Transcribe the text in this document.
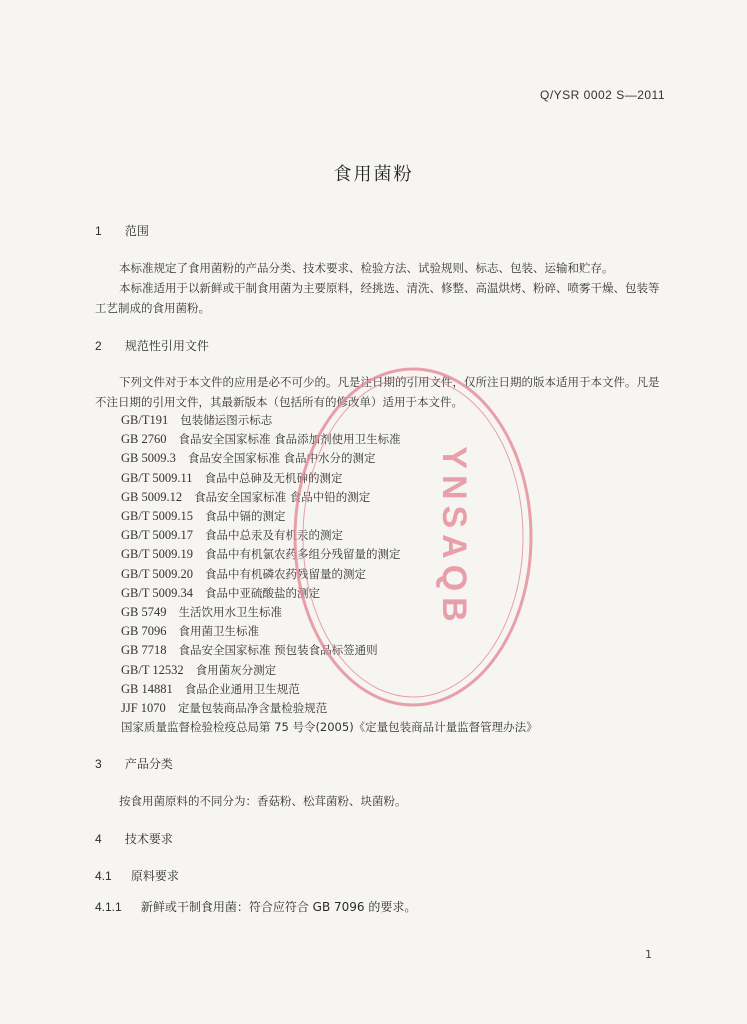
Q/YSR 0002 S—2011
食用菌粉
1 范围

本标准规定了食用菌粉的产品分类、技术要求、检验方法、试验规则、标志、包装、运输和贮存。

本标准适用于以新鲜或干制食用菌为主要原料，经挑选、清洗、修整、高温烘烤、粉碎、喷雾干燥、包装等工艺制成的食用菌粉。

2 规范性引用文件

下列文件对于本文件的应用是必不可少的。凡是注日期的引用文件，仅所注日期的版本适用于本文件。凡是不注日期的引用文件，其最新版本（包括所有的修改单）适用于本文件。

GB/T191 包装储运图示标志
GB 2760 食品安全国家标准 食品添加剂使用卫生标准
GB 5009.3 食品安全国家标准 食品中水分的测定
GB/T 5009.11 食品中总砷及无机砷的测定
GB 5009.12 食品安全国家标准 食品中铅的测定
GB/T 5009.15 食品中镉的测定
GB/T 5009.17 食品中总汞及有机汞的测定
GB/T 5009.19 食品中有机氯农药多组分残留量的测定
GB/T 5009.20 食品中有机磷农药残留量的测定
GB/T 5009.34 食品中亚硫酸盐的测定
GB 5749 生活饮用水卫生标准
GB 7096 食用菌卫生标准
GB 7718 食品安全国家标准 预包装食品标签通则
GB/T 12532 食用菌灰分测定
GB 14881 食品企业通用卫生规范
JJF 1070 定量包装商品净含量检验规范
国家质量监督检验检疫总局第 75 号令(2005)《定量包装商品计量监督管理办法》
3 产品分类

按食用菌原料的不同分为：香菇粉、松茸菌粉、块菌粉。

4 技术要求
4.1 原料要求
4.1.1 新鲜或干制食用菌：符合应符合 GB 7096 的要求。
YNSAQB
1
